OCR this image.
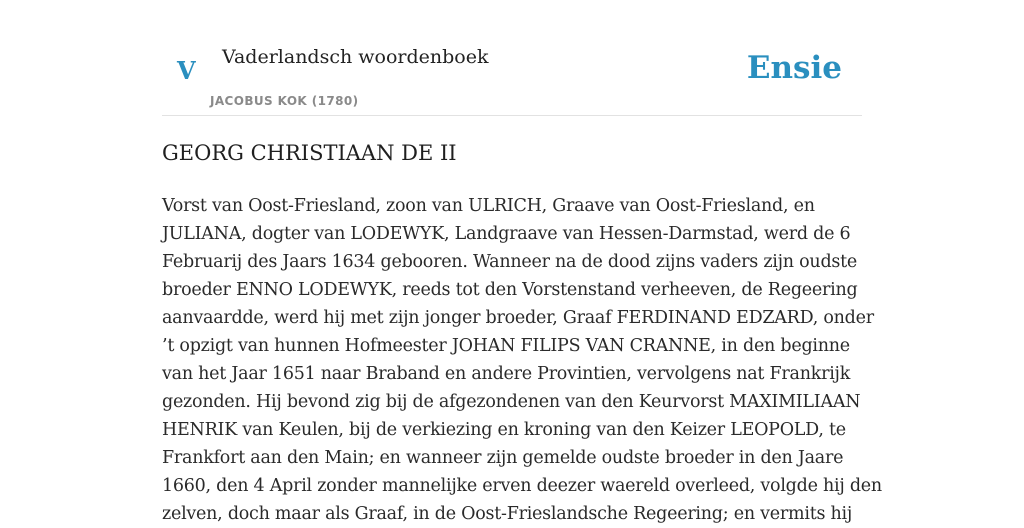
V Vaderlandsch woordenboek
JACOBUS KOK (1780)
Ensie
GEORG CHRISTIAAN DE II

Vorst van Oost-Friesland, zoon van ULRICH, Graave van Oost-Friesland, en
JULIANA, dogter van LODEWYK, Landgraave van Hessen-Darmstad, werd de 6
Februarij des Jaars 1634 gebooren. Wanneer na de dood zijns vaders zijn oudste
broeder ENNO LODEWYK, reeds tot den Vorstenstand verheeven, de Regeering
aanvaardde, werd hij met zijn jonger broeder, Graaf FERDINAND EDZARD, onder
’t opzigt van hunnen Hofmeester JOHAN FILIPS VAN CRANNE, in den beginne
van het Jaar 1651 naar Braband en andere Provintien, vervolgens nat Frankrijk
gezonden. Hij bevond zig bij de afgezondenen van den Keurvorst MAXIMILIAAN
HENRIK van Keulen, bij de verkiezing en kroning van den Keizer LEOPOLD, te
Frankfort aan den Main; en wanneer zijn gemelde oudste broeder in den Jaare
1660, den 4 April zonder mannelijke erven deezer waereld overleed, volgde hij den
zelven, doch maar als Graaf, in de Oost-Frieslandsche Regeering; en vermits hij
